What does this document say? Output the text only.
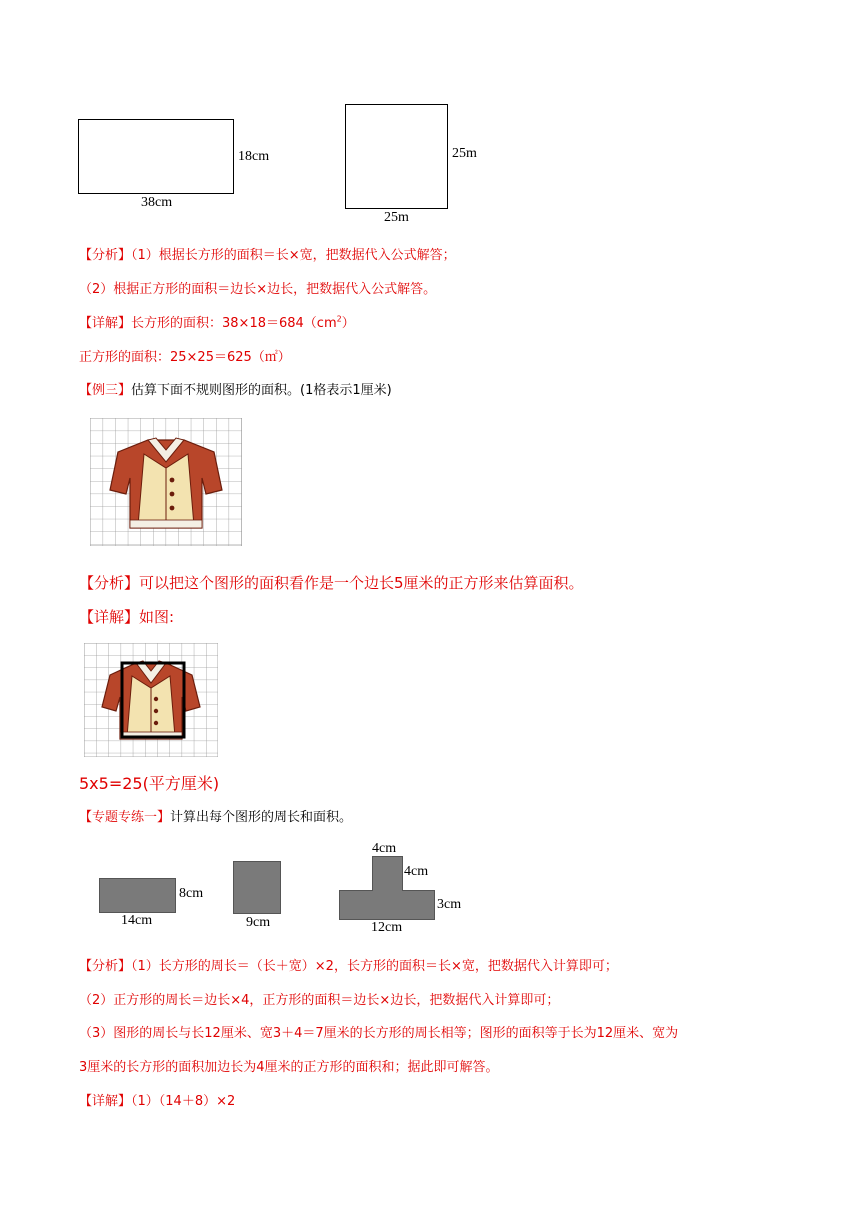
18cm
38cm
25m
25m
【分析】（1）根据长方形的面积＝长×宽，把数据代入公式解答；
（2）根据正方形的面积＝边长×边长，把数据代入公式解答。
【详解】长方形的面积：$38\times 18=684(cm^2)$
正方形的面积：25×25＝625（㎡）
【例三】估算下面不规则图形的面积。(1格表示1厘米)
【分析】可以把这个图形的面积看作是一个边长5厘米的正方形来估算面积。
【详解】如图:
5x5=25(平方厘米)
【专题专练一】计算出每个图形的周长和面积。
8cm
14cm	9cm
4cm
4cm
3cm
12cm
【分析】（1）长方形的周长＝（长＋宽）×2，长方形的面积＝长×宽，把数据代入计算即可；
（2）正方形的周长＝边长×4，正方形的面积＝边长×边长，把数据代入计算即可；
（3）图形的周长与长12厘米、宽3＋4＝7厘米的长方形的周长相等；图形的面积等于长为12厘米、宽为
3厘米的长方形的面积加边长为4厘米的正方形的面积和；据此即可解答。
【详解】（1）（14＋8）×2
